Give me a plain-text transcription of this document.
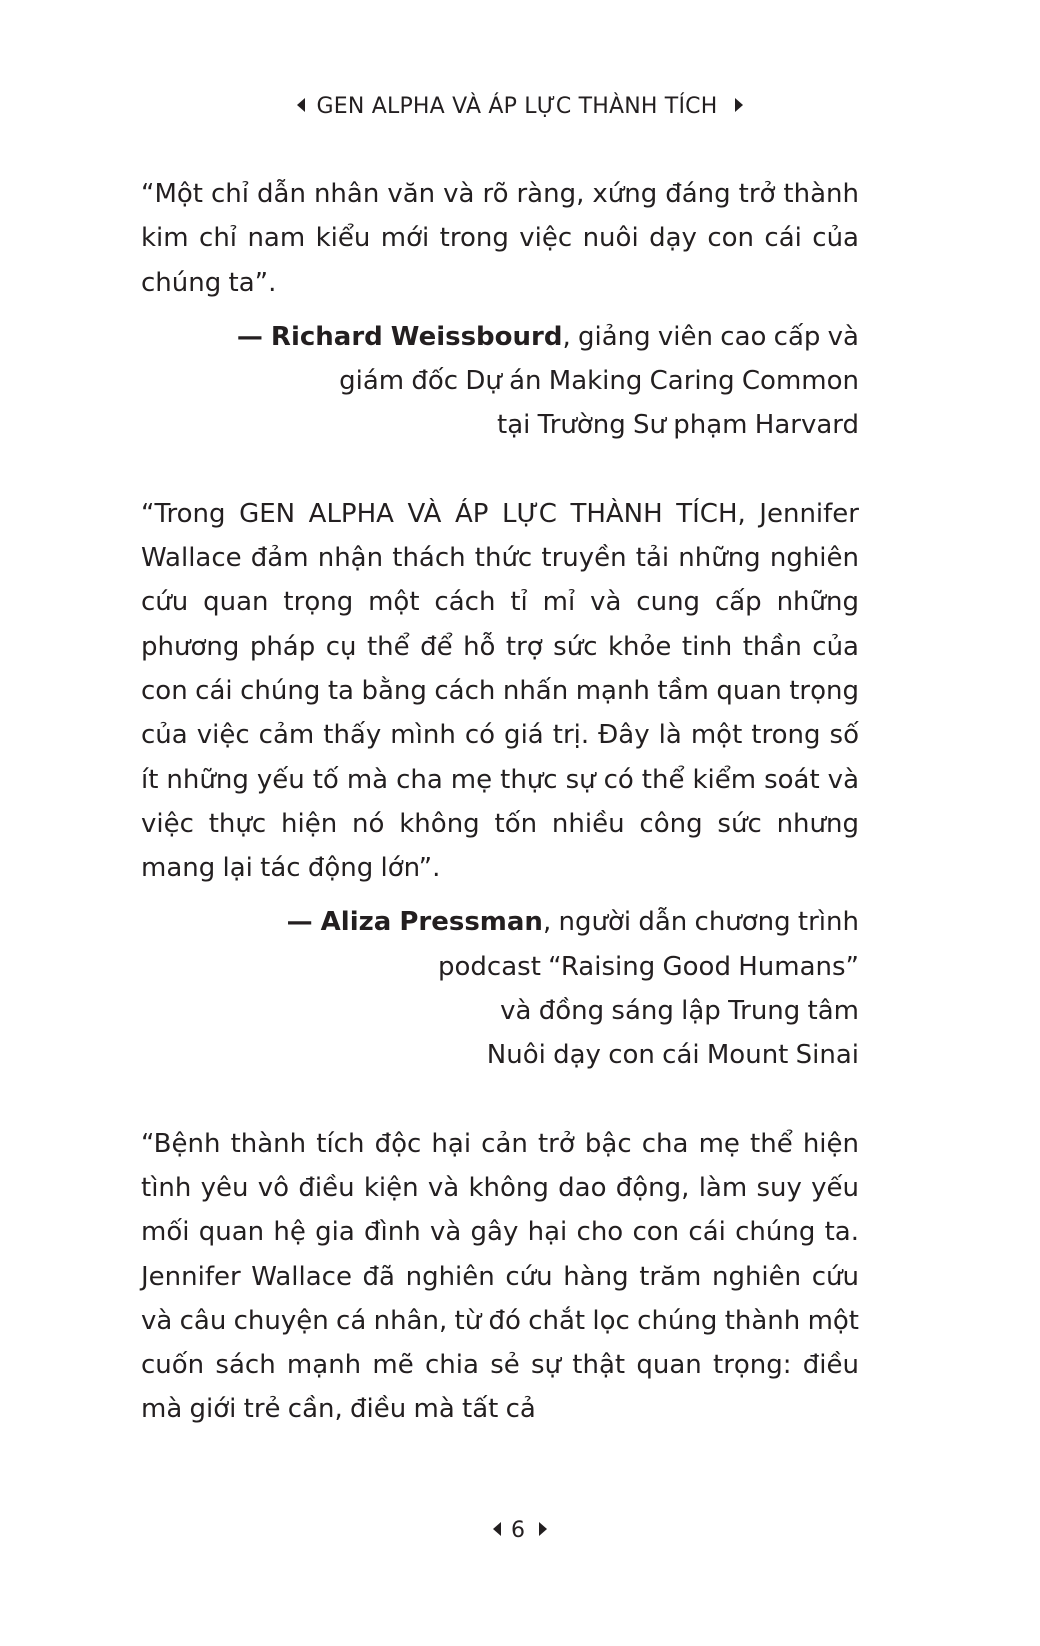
GEN ALPHA VÀ ÁP LỰC THÀNH TÍCH

“Một chỉ dẫn nhân văn và rõ ràng, xứng đáng trở thành kim chỉ nam kiểu mới trong việc nuôi dạy con cái của chúng ta”.

— Richard Weissbourd, giảng viên cao cấp và
giám đốc Dự án Making Caring Common
tại Trường Sư phạm Harvard

“Trong GEN ALPHA VÀ ÁP LỰC THÀNH TÍCH, Jennifer Wallace đảm nhận thách thức truyền tải những nghiên cứu quan trọng một cách tỉ mỉ và cung cấp những phương pháp cụ thể để hỗ trợ sức khỏe tinh thần của con cái chúng ta bằng cách nhấn mạnh tầm quan trọng của việc cảm thấy mình có giá trị. Đây là một trong số ít những yếu tố mà cha mẹ thực sự có thể kiểm soát và việc thực hiện nó không tốn nhiều công sức nhưng mang lại tác động lớn”.

— Aliza Pressman, người dẫn chương trình
podcast “Raising Good Humans”
và đồng sáng lập Trung tâm
Nuôi dạy con cái Mount Sinai

“Bệnh thành tích độc hại cản trở bậc cha mẹ thể hiện tình yêu vô điều kiện và không dao động, làm suy yếu mối quan hệ gia đình và gây hại cho con cái chúng ta. Jennifer Wallace đã nghiên cứu hàng trăm nghiên cứu và câu chuyện cá nhân, từ đó chắt lọc chúng thành một cuốn sách mạnh mẽ chia sẻ sự thật quan trọng: điều mà giới trẻ cần, điều mà tất cả

6
